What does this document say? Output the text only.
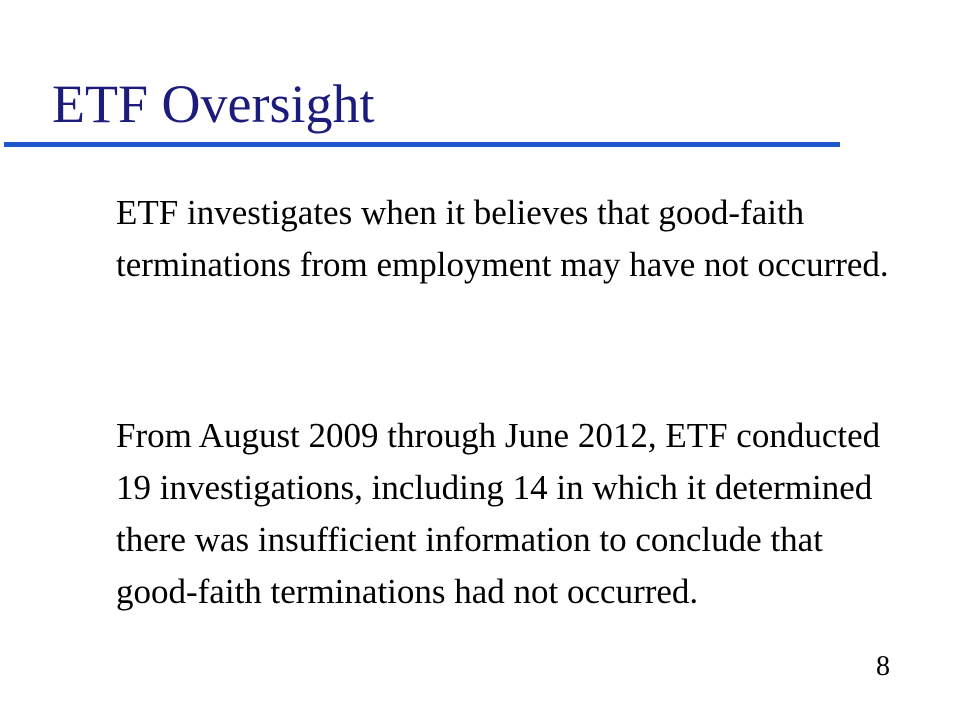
ETF Oversight

ETF investigates when it believes that good-faith terminations from employment may have not occurred.

From August 2009 through June 2012, ETF conducted 19 investigations, including 14 in which it determined there was insufficient information to conclude that good-faith terminations had not occurred.

8
